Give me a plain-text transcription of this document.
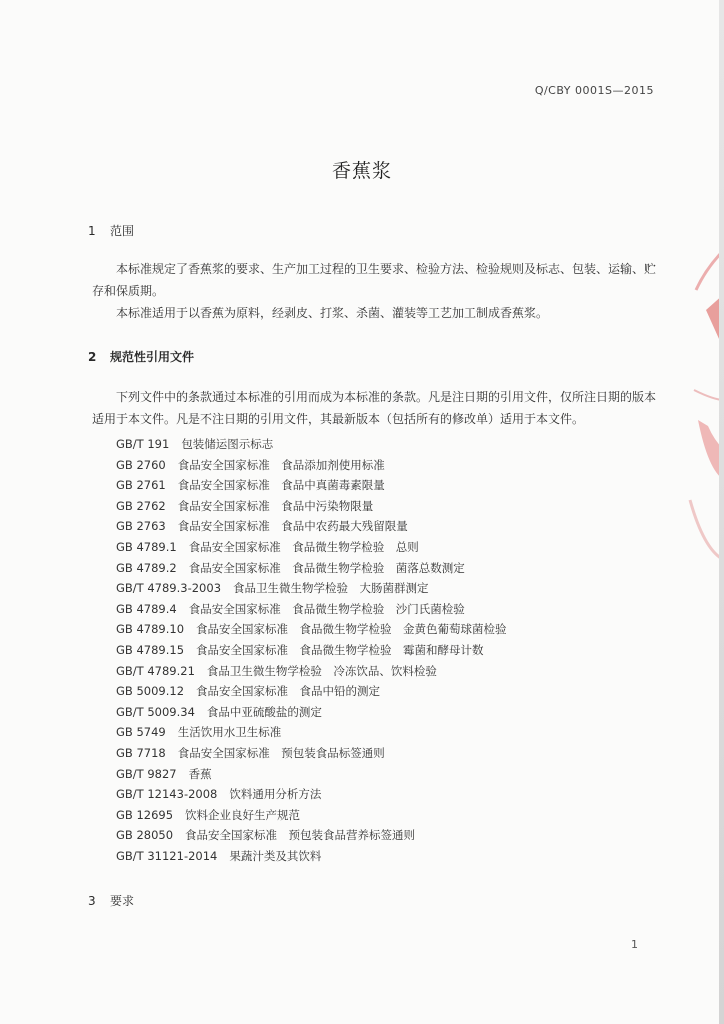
Q/CBY 0001S—2015
香蕉浆
1 范围
本标准规定了香蕉浆的要求、生产加工过程的卫生要求、检验方法、检验规则及标志、包装、运输、贮存和保质期。
本标准适用于以香蕉为原料，经剥皮、打浆、杀菌、灌装等工艺加工制成香蕉浆。
2 规范性引用文件
下列文件中的条款通过本标准的引用而成为本标准的条款。凡是注日期的引用文件，仅所注日期的版本适用于本文件。凡是不注日期的引用文件，其最新版本（包括所有的修改单）适用于本文件。
GB/T 191 包装储运图示标志
GB 2760 食品安全国家标准　食品添加剂使用标准
GB 2761 食品安全国家标准　食品中真菌毒素限量
GB 2762 食品安全国家标准　食品中污染物限量
GB 2763 食品安全国家标准　食品中农药最大残留限量
GB 4789.1 食品安全国家标准　食品微生物学检验　总则
GB 4789.2 食品安全国家标准　食品微生物学检验　菌落总数测定
GB/T 4789.3-2003 食品卫生微生物学检验　大肠菌群测定
GB 4789.4 食品安全国家标准　食品微生物学检验　沙门氏菌检验
GB 4789.10 食品安全国家标准　食品微生物学检验　金黄色葡萄球菌检验
GB 4789.15 食品安全国家标准　食品微生物学检验　霉菌和酵母计数
GB/T 4789.21 食品卫生微生物学检验　冷冻饮品、饮料检验
GB 5009.12 食品安全国家标准　食品中铅的测定
GB/T 5009.34 食品中亚硫酸盐的测定
GB 5749 生活饮用水卫生标准
GB 7718 食品安全国家标准　预包装食品标签通则
GB/T 9827 香蕉
GB/T 12143-2008 饮料通用分析方法
GB 12695 饮料企业良好生产规范
GB 28050 食品安全国家标准　预包装食品营养标签通则
GB/T 31121-2014 果蔬汁类及其饮料
3 要求
1
